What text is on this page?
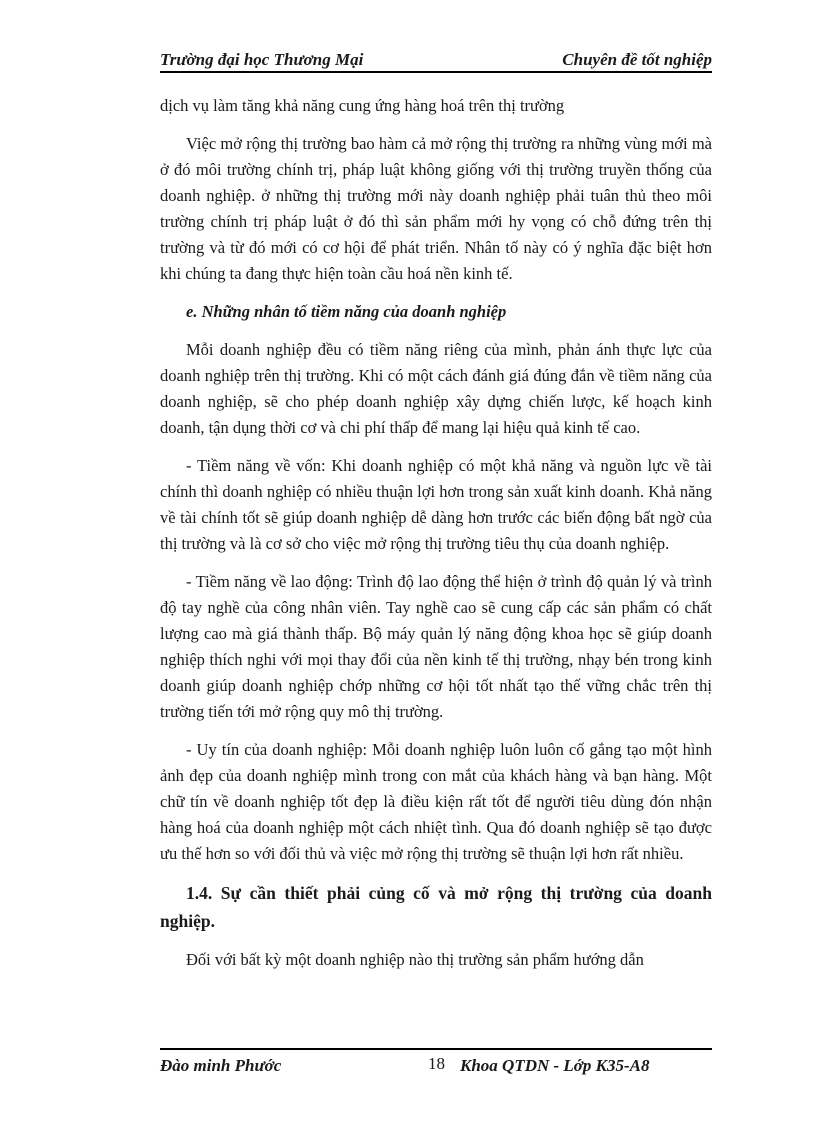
Trường đại học Thương Mại	Chuyên đề tốt nghiệp

dịch vụ làm tăng khả năng cung ứng hàng hoá trên thị trường

Việc mở rộng thị trường bao hàm cả mở rộng thị trường ra những vùng mới mà ở đó môi trường chính trị, pháp luật không giống với thị trường truyền thống của doanh nghiệp. ở những thị trường mới này doanh nghiệp phải tuân thủ theo môi trường chính trị pháp luật ở đó thì sản phẩm mới hy vọng có chỗ đứng trên thị trường và từ đó mới có cơ hội để phát triển. Nhân tố này có ý nghĩa đặc biệt hơn khi chúng ta đang thực hiện toàn cầu hoá nền kinh tế.

e. Những nhân tố tiềm năng của doanh nghiệp

Mỗi doanh nghiệp đều có tiềm năng riêng của mình, phản ánh thực lực của doanh nghiệp trên thị trường. Khi có một cách đánh giá đúng đắn về tiềm năng của doanh nghiệp, sẽ cho phép doanh nghiệp xây dựng chiến lược, kế hoạch kinh doanh, tận dụng thời cơ và chi phí thấp để mang lại hiệu quả kinh tế cao.

- Tiềm năng về vốn: Khi doanh nghiệp có một khả năng và nguồn lực về tài chính thì doanh nghiệp có nhiều thuận lợi hơn trong sản xuất kinh doanh. Khả năng về tài chính tốt sẽ giúp doanh nghiệp dễ dàng hơn trước các biến động bất ngờ của thị trường và là cơ sở cho việc mở rộng thị trường tiêu thụ của doanh nghiệp.

- Tiềm năng về lao động: Trình độ lao động thể hiện ở trình độ quản lý và trình độ tay nghề của công nhân viên. Tay nghề cao sẽ cung cấp các sản phẩm có chất lượng cao mà giá thành thấp. Bộ máy quản lý năng động khoa học sẽ giúp doanh nghiệp thích nghi với mọi thay đổi của nền kinh tế thị trường, nhạy bén trong kinh doanh giúp doanh nghiệp chớp những cơ hội tốt nhất tạo thế vững chắc trên thị trường tiến tới mở rộng quy mô thị trường.

- Uy tín của doanh nghiệp: Mỗi doanh nghiệp luôn luôn cố gắng tạo một hình ảnh đẹp của doanh nghiệp mình trong con mắt của khách hàng và bạn hàng. Một chữ tín về doanh nghiệp tốt đẹp là điều kiện rất tốt để người tiêu dùng đón nhận hàng hoá của doanh nghiệp một cách nhiệt tình. Qua đó doanh nghiệp sẽ tạo được ưu thế hơn so với đối thủ và việc mở rộng thị trường sẽ thuận lợi hơn rất nhiều.

1.4. Sự cần thiết phải củng cố và mở rộng thị trường của doanh nghiệp.

Đối với bất kỳ một doanh nghiệp nào thị trường sản phẩm hướng dẫn

Đào minh Phước	18 Khoa QTDN - Lớp K35-A8
